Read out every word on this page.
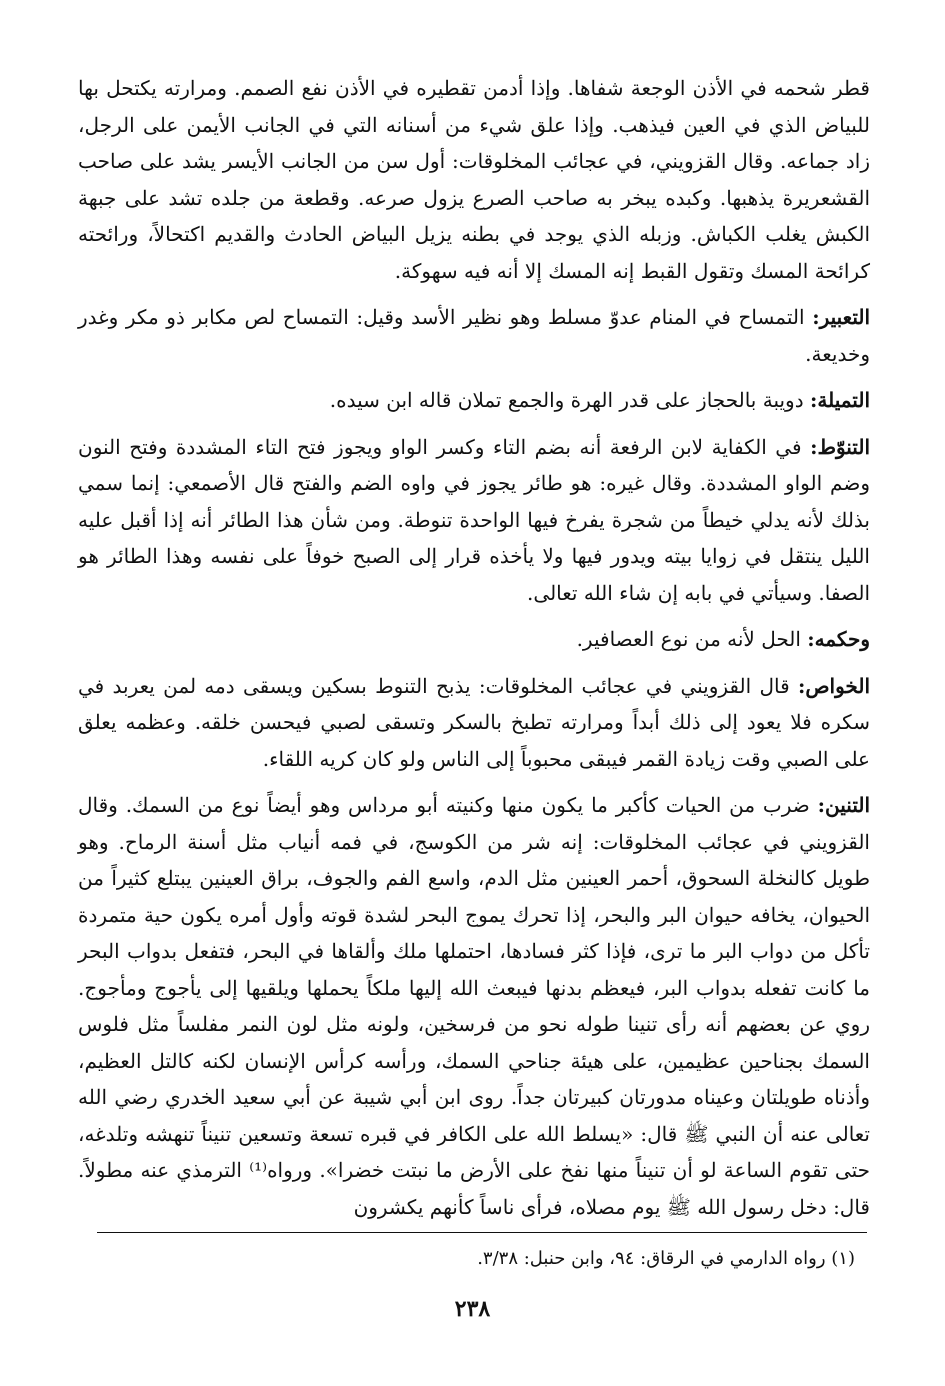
قطر شحمه في الأذن الوجعة شفاها. وإذا أدمن تقطيره في الأذن نفع الصمم. ومرارته يكتحل بها للبياض الذي في العين فيذهب. وإذا علق شيء من أسنانه التي في الجانب الأيمن على الرجل، زاد جماعه. وقال القزويني، في عجائب المخلوقات: أول سن من الجانب الأيسر يشد على صاحب القشعريرة يذهبها. وكبده يبخر به صاحب الصرع يزول صرعه. وقطعة من جلده تشد على جبهة الكبش يغلب الكباش. وزبله الذي يوجد في بطنه يزيل البياض الحادث والقديم اكتحالاً، ورائحته كرائحة المسك وتقول القبط إنه المسك إلا أنه فيه سهوكة.

التعبير: التمساح في المنام عدوّ مسلط وهو نظير الأسد وقيل: التمساح لص مكابر ذو مكر وغدر وخديعة.

التميلة: دويبة بالحجاز على قدر الهرة والجمع تملان قاله ابن سيده.

التنوّط: في الكفاية لابن الرفعة أنه بضم التاء وكسر الواو ويجوز فتح التاء المشددة وفتح النون وضم الواو المشددة. وقال غيره: هو طائر يجوز في واوه الضم والفتح قال الأصمعي: إنما سمي بذلك لأنه يدلي خيطاً من شجرة يفرخ فيها الواحدة تنوطة. ومن شأن هذا الطائر أنه إذا أقبل عليه الليل ينتقل في زوايا بيته ويدور فيها ولا يأخذه قرار إلى الصبح خوفاً على نفسه وهذا الطائر هو الصفا. وسيأتي في بابه إن شاء الله تعالى.

وحكمه: الحل لأنه من نوع العصافير.

الخواص: قال القزويني في عجائب المخلوقات: يذبح التنوط بسكين ويسقى دمه لمن يعربد في سكره فلا يعود إلى ذلك أبداً ومرارته تطبخ بالسكر وتسقى لصبي فيحسن خلقه. وعظمه يعلق على الصبي وقت زيادة القمر فيبقى محبوباً إلى الناس ولو كان كريه اللقاء.

التنين: ضرب من الحيات كأكبر ما يكون منها وكنيته أبو مرداس وهو أيضاً نوع من السمك. وقال القزويني في عجائب المخلوقات: إنه شر من الكوسج، في فمه أنياب مثل أسنة الرماح. وهو طويل كالنخلة السحوق، أحمر العينين مثل الدم، واسع الفم والجوف، براق العينين يبتلع كثيراً من الحيوان، يخافه حيوان البر والبحر، إذا تحرك يموج البحر لشدة قوته وأول أمره يكون حية متمردة تأكل من دواب البر ما ترى، فإذا كثر فسادها، احتملها ملك وألقاها في البحر، فتفعل بدواب البحر ما كانت تفعله بدواب البر، فيعظم بدنها فيبعث الله إليها ملكاً يحملها ويلقيها إلى يأجوج ومأجوج. روي عن بعضهم أنه رأى تنينا طوله نحو من فرسخين، ولونه مثل لون النمر مفلساً مثل فلوس السمك بجناحين عظيمين، على هيئة جناحي السمك، ورأسه كرأس الإنسان لكنه كالتل العظيم، وأذناه طويلتان وعيناه مدورتان كبيرتان جداً. روى ابن أبي شيبة عن أبي سعيد الخدري رضي الله تعالى عنه أن النبي ﷺ قال: «يسلط الله على الكافر في قبره تسعة وتسعين تنيناً تنهشه وتلدغه، حتى تقوم الساعة لو أن تنيناً منها نفخ على الأرض ما نبتت خضرا». ورواه⁽¹⁾ الترمذي عنه مطولاً. قال: دخل رسول الله ﷺ يوم مصلاه، فرأى ناساً كأنهم يكشرون

(١) رواه الدارمي في الرقاق: ٩٤، وابن حنبل: ٣/٣٨.
٢٣٨
